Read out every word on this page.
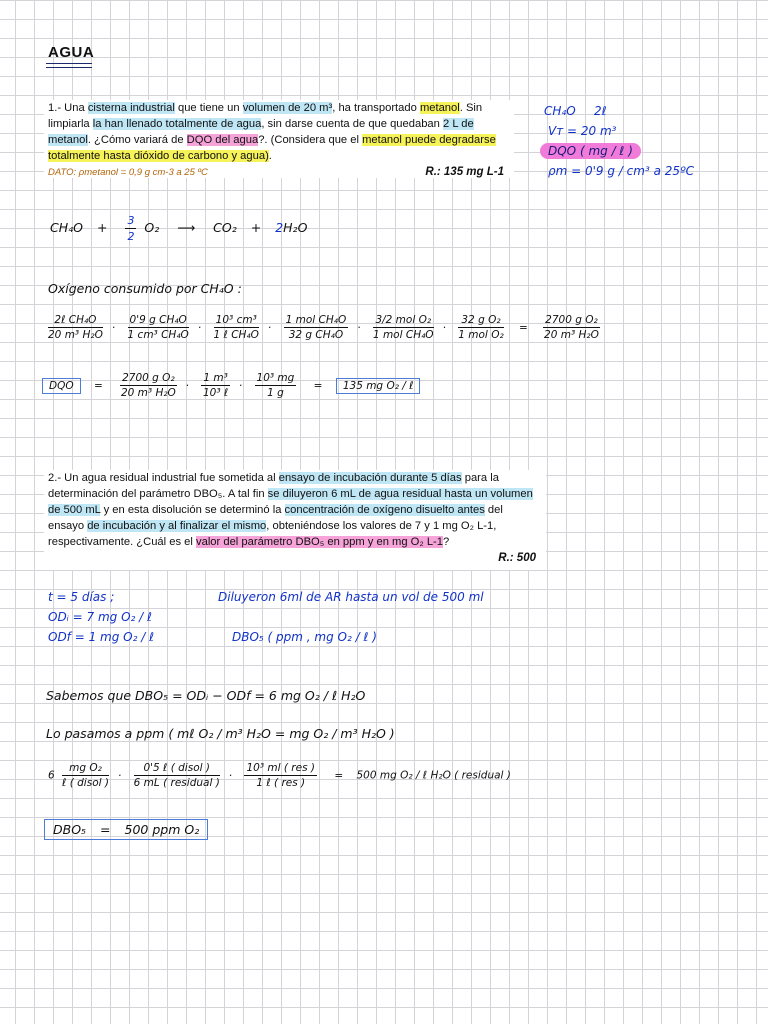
AGUA
1.- Una cisterna industrial que tiene un volumen de 20 m³, ha transportado metanol. Sin limpiarla la han llenado totalmente de agua, sin darse cuenta de que quedaban 2 L de metanol. ¿Cómo variará de DQO del agua?. (Considera que el metanol puede degradarse totalmente hasta dióxido de carbono y agua).
DATO: ρmetanol = 0,9 g cm-3 a 25 ºC	R.: 135 mg L-1
CH₄O 2ℓ
Vт = 20 m³
DQO ( mg / ℓ )
ρm = 0'9 g / cm³ a 25ºC
$CH_4O + \frac{3}{2} O_2$ ⟶ CO₂ + 2H₂O
Oxígeno consumido por CH₄O :
$\frac{\text{2ℓ CH₄O}}{\text{20 m³ H₂O}} \cdot \frac{\text{0'9 g CH₄O}}{\text{1 cm³ CH₄O}} \cdot \frac{\text{10³ cm³}}{\text{1 ℓ CH₄O}} \cdot \frac{\text{1 mol CH₄O}}{\text{32 g CH₄O}} \cdot \frac{\text{3/2 mol O₂}}{\text{1 mol CH₄O}} \cdot \frac{\text{32 g O₂}}{\text{1 mol O₂}} = \frac{\text{2700 g O₂}}{\text{20 m³ H₂O}}$
DQO = $\frac{\text{2700 g O₂}}{\text{20 m³ H₂O}} \cdot \frac{\text{1 m³}}{\text{10³ ℓ}} \cdot \frac{\text{10³ mg}}{1 g} = 135$ mg O₂ / ℓ
2.- Un agua residual industrial fue sometida al ensayo de incubación durante 5 días para la determinación del parámetro DBO₅. A tal fin se diluyeron 6 mL de agua residual hasta un volumen de 500 mL y en esta disolución se determinó la concentración de oxígeno disuelto antes del ensayo de incubación y al finalizar el mismo, obteniéndose los valores de 7 y 1 mg O₂ L-1, respectivamente. ¿Cuál es el valor del parámetro DBO₅ en ppm y en mg O₂ L-1?
R.: 500
t = 5 días ;	Diluyeron 6ml de AR hasta un vol de 500 ml
ODᵢ = 7 mg O₂ / ℓ
ODf = 1 mg O₂ / ℓ	DBO₅ ( ppm , mg O₂ / ℓ )
Sabemos que DBO₅ = ODᵢ − ODf = 6 mg O₂ / ℓ H₂O
Lo pasamos a ppm ( mℓ O₂ / m³ H₂O = mg O₂ / m³ H₂O )
$6 \frac{\text{mg O₂}}{\text{ℓ ( disol )}} \cdot \frac{\text{0'5 ℓ ( disol )}}{\text{6 mL ( residual )}} \cdot \frac{\text{10³ ml ( res )}}{\text{1 ℓ ( res )}} = 500$ mg O₂ / ℓ H₂O ( residual )
DBO₅ = 500 ppm O₂
